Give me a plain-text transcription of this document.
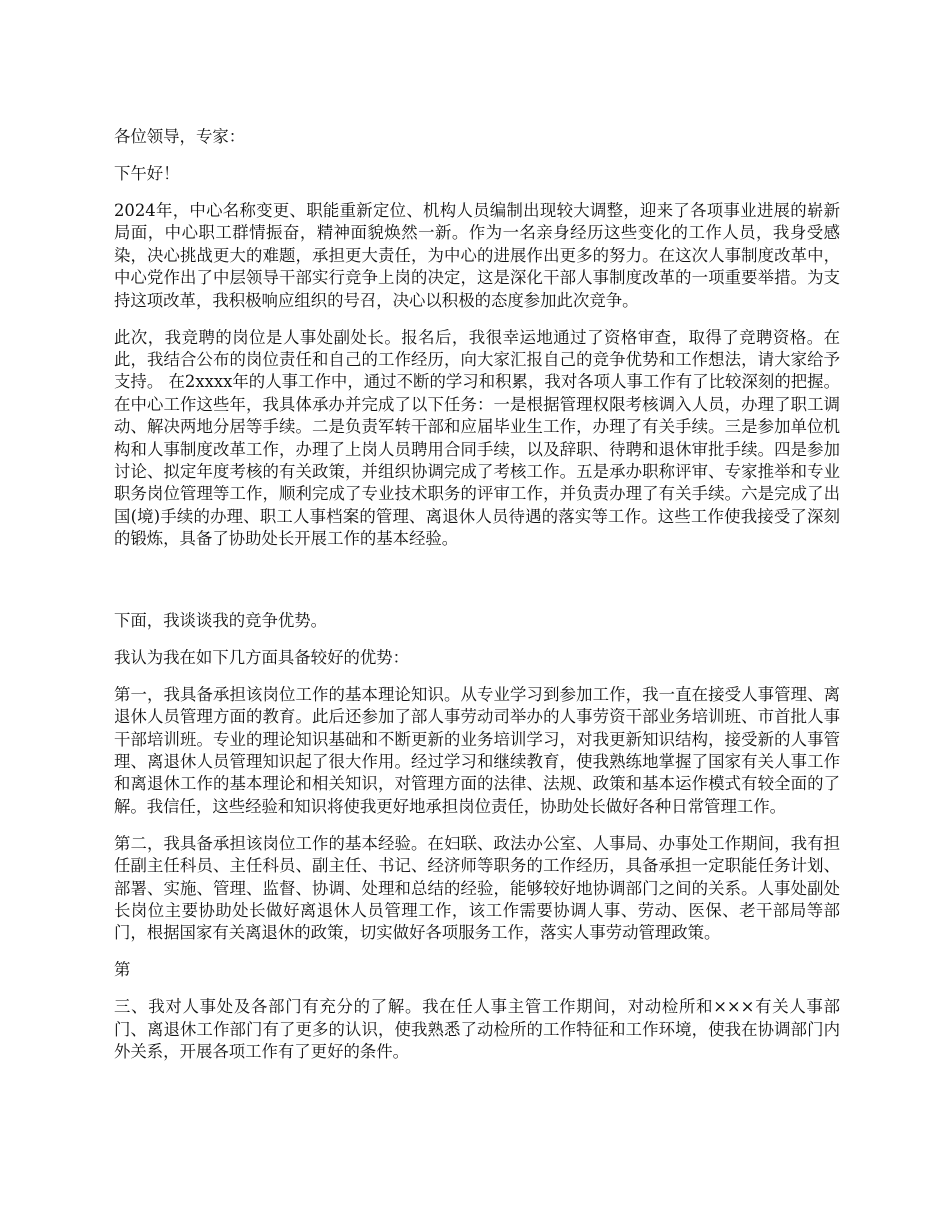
各位领导，专家：

下午好！

2024年，中心名称变更、职能重新定位、机构人员编制出现较大调整，迎来了各项事业进展的崭新局面，中心职工群情振奋，精神面貌焕然一新。作为一名亲身经历这些变化的工作人员，我身受感染，决心挑战更大的难题，承担更大责任，为中心的进展作出更多的努力。在这次人事制度改革中，中心党作出了中层领导干部实行竞争上岗的决定，这是深化干部人事制度改革的一项重要举措。为支持这项改革，我积极响应组织的号召，决心以积极的态度参加此次竞争。

此次，我竞聘的岗位是人事处副处长。报名后，我很幸运地通过了资格审查，取得了竞聘资格。在此，我结合公布的岗位责任和自己的工作经历，向大家汇报自己的竞争优势和工作想法，请大家给予支持。 在2xxxx年的人事工作中，通过不断的学习和积累，我对各项人事工作有了比较深刻的把握。在中心工作这些年，我具体承办并完成了以下任务：一是根据管理权限考核调入人员，办理了职工调动、解决两地分居等手续。二是负责军转干部和应届毕业生工作，办理了有关手续。三是参加单位机构和人事制度改革工作，办理了上岗人员聘用合同手续，以及辞职、待聘和退休审批手续。四是参加讨论、拟定年度考核的有关政策，并组织协调完成了考核工作。五是承办职称评审、专家推举和专业职务岗位管理等工作，顺利完成了专业技术职务的评审工作，并负责办理了有关手续。六是完成了出国(境)手续的办理、职工人事档案的管理、离退休人员待遇的落实等工作。这些工作使我接受了深刻的锻炼，具备了协助处长开展工作的基本经验。

下面，我谈谈我的竞争优势。

我认为我在如下几方面具备较好的优势：

第一，我具备承担该岗位工作的基本理论知识。从专业学习到参加工作，我一直在接受人事管理、离退休人员管理方面的教育。此后还参加了部人事劳动司举办的人事劳资干部业务培训班、市首批人事干部培训班。专业的理论知识基础和不断更新的业务培训学习，对我更新知识结构，接受新的人事管理、离退休人员管理知识起了很大作用。经过学习和继续教育，使我熟练地掌握了国家有关人事工作和离退休工作的基本理论和相关知识，对管理方面的法律、法规、政策和基本运作模式有较全面的了解。我信任，这些经验和知识将使我更好地承担岗位责任，协助处长做好各种日常管理工作。

第二，我具备承担该岗位工作的基本经验。在妇联、政法办公室、人事局、办事处工作期间，我有担任副主任科员、主任科员、副主任、书记、经济师等职务的工作经历，具备承担一定职能任务计划、部署、实施、管理、监督、协调、处理和总结的经验，能够较好地协调部门之间的关系。人事处副处长岗位主要协助处长做好离退休人员管理工作，该工作需要协调人事、劳动、医保、老干部局等部门，根据国家有关离退休的政策，切实做好各项服务工作，落实人事劳动管理政策。

第

三、我对人事处及各部门有充分的了解。我在任人事主管工作期间，对动检所和×××有关人事部门、离退休工作部门有了更多的认识，使我熟悉了动检所的工作特征和工作环境，使我在协调部门内外关系，开展各项工作有了更好的条件。
